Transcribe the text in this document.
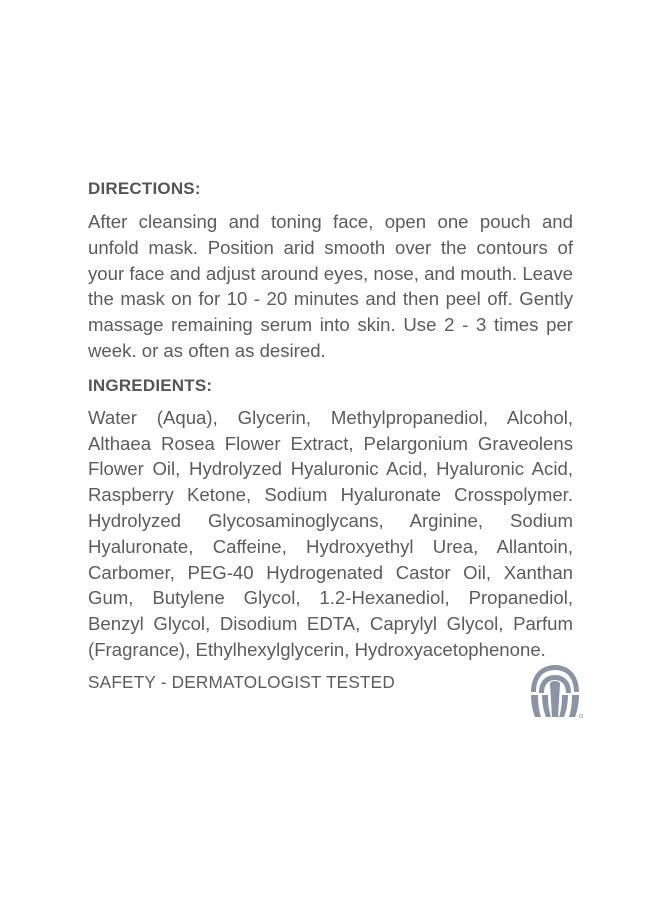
DIRECTIONS:

After cleansing and toning face, open one pouch and unfold mask. Position arid smooth over the contours of your face and adjust around eyes, nose, and mouth. Leave the mask on for 10 - 20 minutes and then peel off. Gently massage remaining serum into skin. Use 2 - 3 times per week. or as often as desired.

INGREDIENTS:

Water (Aqua), Glycerin, Methylpropanediol, Alcohol, Althaea Rosea Flower Extract, Pelargonium Graveolens Flower Oil, Hydrolyzed Hyaluronic Acid, Hyaluronic Acid, Raspberry Ketone, Sodium Hyaluronate Crosspolymer. Hydrolyzed Glycosaminoglycans, Arginine, Sodium Hyaluronate, Caffeine, Hydroxyethyl Urea, Allantoin, Carbomer, PEG-40 Hydrogenated Castor Oil, Xanthan Gum, Butylene Glycol, 1.2-Hexanediol, Propanediol, Benzyl Glycol, Disodium EDTA, Caprylyl Glycol, Parfum (Fragrance), Ethylhexylglycerin, Hydroxyacetophenone.

SAFETY - DERMATOLOGIST TESTED
